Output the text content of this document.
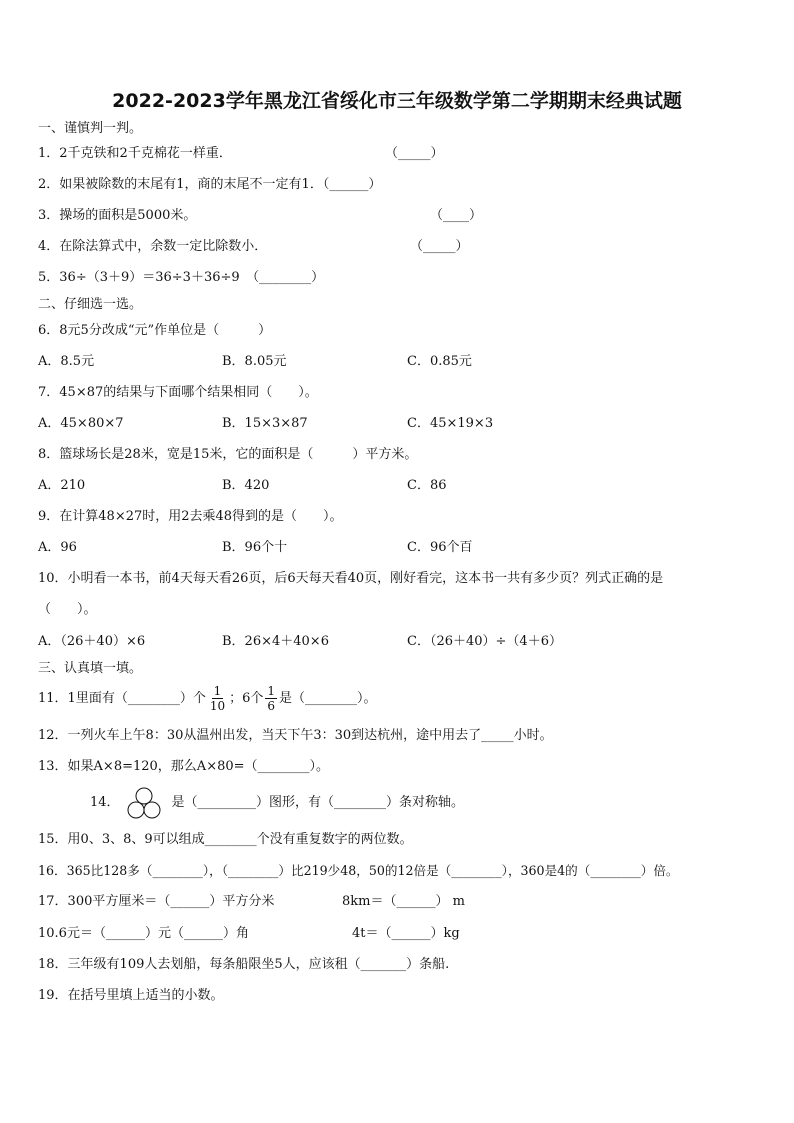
2022-2023学年黑龙江省绥化市三年级数学第二学期期末经典试题
一、谨慎判一判。
1．2千克铁和2千克棉花一样重．	（_____）
2．如果被除数的末尾有1，商的末尾不一定有1．（______）
3．操场的面积是5000米。	（____）
4．在除法算式中，余数一定比除数小．	（_____）
5．36÷（3＋9）＝36÷3＋36÷9　（________）
二、仔细选一选。
6．8元5分改成“元”作单位是（　　　）
A．8.5元	B．8.05元	C．0.85元
7．45×87的结果与下面哪个结果相同（　　）。
A．45×80×7	B．15×3×87	C．45×19×3
8．篮球场长是28米，宽是15米，它的面积是（　　　）平方米。
A．210	B．420	C．86
9．在计算48×27时，用2去乘48得到的是（　　）。
A．96	B．96个十	C．96个百
10．小明看一本书，前4天每天看26页，后6天每天看40页，刚好看完，这本书一共有多少页？列式正确的是
（　　）。
A．（26＋40）×6	B．26×4＋40×6	C．（26＋40）÷（4＋6）
三、认真填一填。
11．1里面有（________）个 $\frac{1}{10}$ ；6个 $\frac{1}{6}$ 是（________）。
12．一列火车上午8：30从温州出发，当天下午3：30到达杭州，途中用去了_____小时。
13．如果A×8=120，那么A×80=（________）。
14．	是（_________）图形，有（________）条对称轴。
15．用0、3、8、9可以组成________个没有重复数字的两位数。
16．365比128多（________），（________）比219少48，50的12倍是（________），360是4的（________）倍。
17．300平方厘米＝（______）平方分米	8km＝（______） m
10.6元＝（______）元（______）角	4t＝（______）kg
18．三年级有109人去划船，每条船限坐5人，应该租（_______）条船.
19．在括号里填上适当的小数。
